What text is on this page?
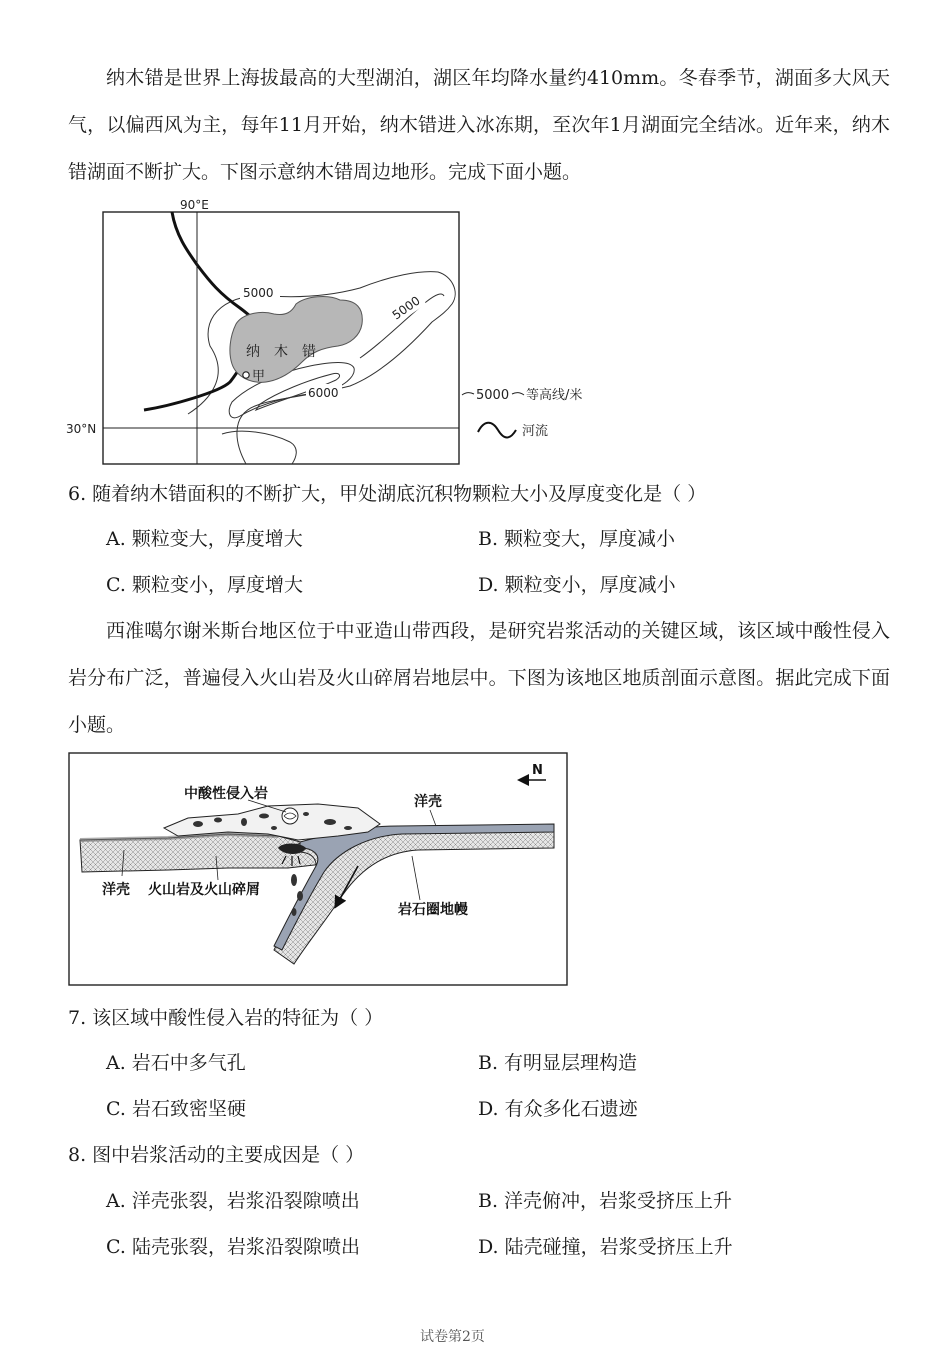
纳木错是世界上海拔最高的大型湖泊，湖区年均降水量约410mm。冬春季节，湖面多大风天气，以偏西风为主，每年11月开始，纳木错进入冰冻期，至次年1月湖面完全结冰。近年来，纳木错湖面不断扩大。下图示意纳木错周边地形。完成下面小题。

90°E
30°N
5000
5000
6000
纳 木 错
甲
5000 等高线/米
河流

6. 随着纳木错面积的不断扩大，甲处湖底沉积物颗粒大小及厚度变化是（ ）

A. 颗粒变大，厚度增大	B. 颗粒变大，厚度减小

C. 颗粒变小，厚度增大	D. 颗粒变小，厚度减小

西准噶尔谢米斯台地区位于中亚造山带西段，是研究岩浆活动的关键区域，该区域中酸性侵入岩分布广泛，普遍侵入火山岩及火山碎屑岩地层中。下图为该地区地质剖面示意图。据此完成下面小题。

N
中酸性侵入岩	洋壳
洋壳 火山岩及火山碎屑
岩石圈地幔

7. 该区域中酸性侵入岩的特征为（ ）

A. 岩石中多气孔	B. 有明显层理构造

C. 岩石致密坚硬	D. 有众多化石遗迹

8. 图中岩浆活动的主要成因是（ ）

A. 洋壳张裂，岩浆沿裂隙喷出	B. 洋壳俯冲，岩浆受挤压上升

C. 陆壳张裂，岩浆沿裂隙喷出	D. 陆壳碰撞，岩浆受挤压上升

试卷第2页
